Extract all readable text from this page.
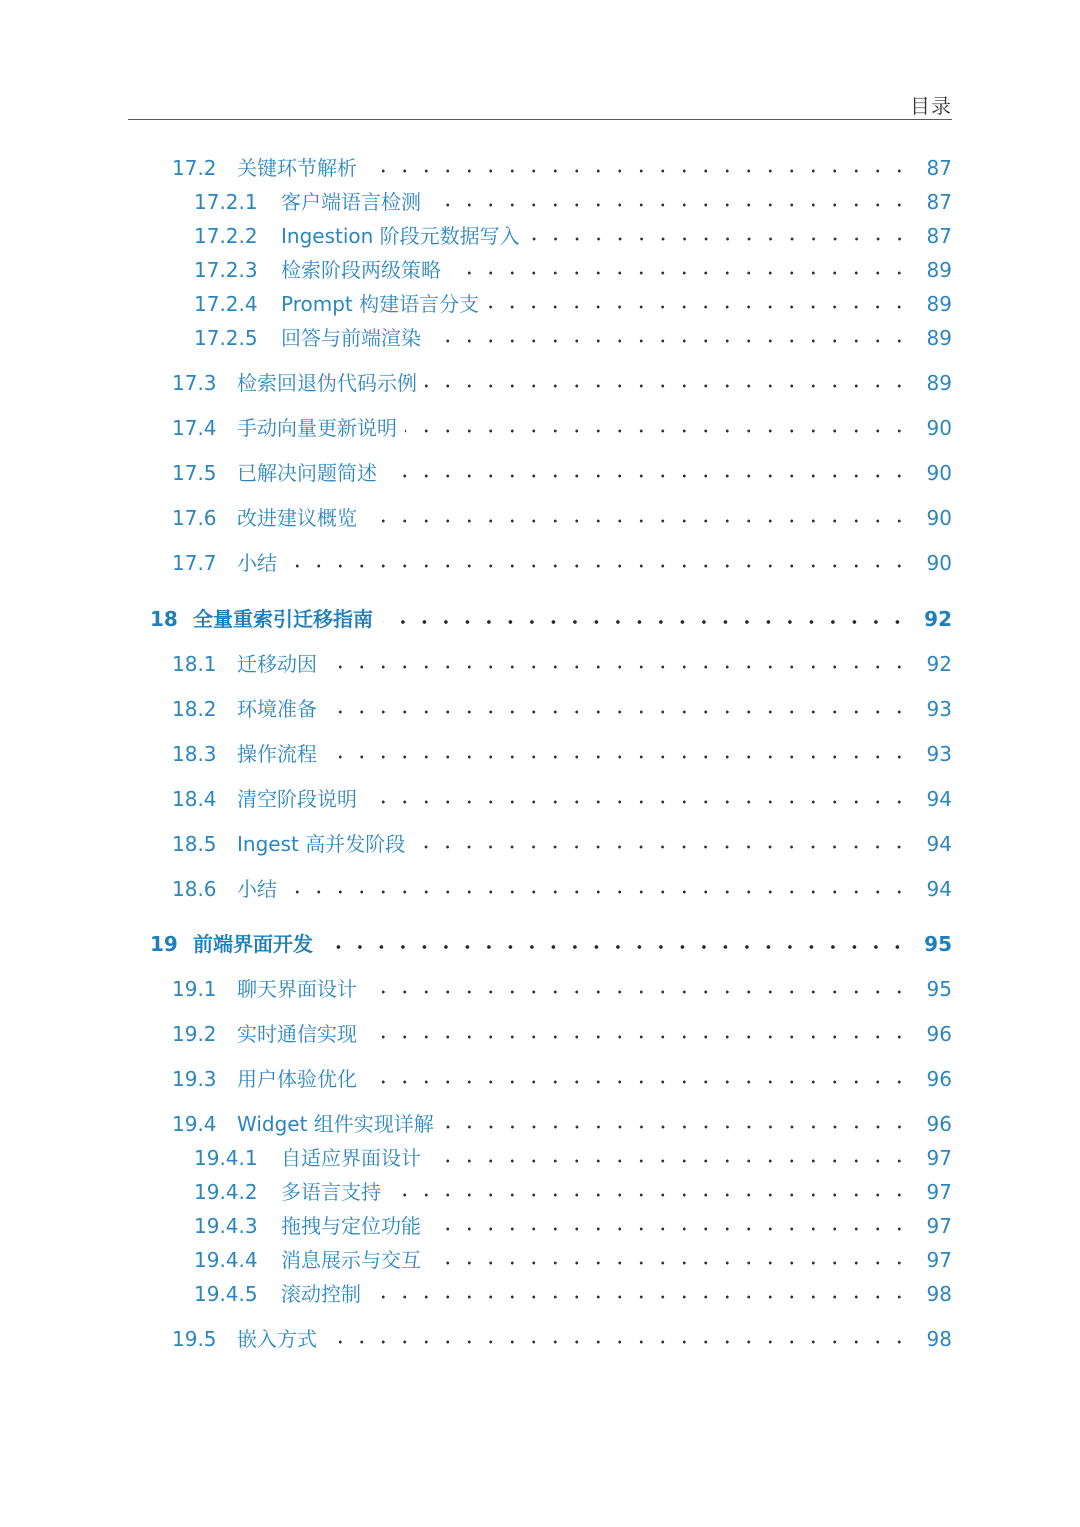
目录
17.2	关键环节解析	87
17.2.1	客户端语言检测	87
17.2.2	Ingestion 阶段元数据写入	87
17.2.3	检索阶段两级策略	89
17.2.4	Prompt 构建语言分支	89
17.2.5	回答与前端渲染	89
17.3	检索回退伪代码示例	89
17.4	手动向量更新说明	90
17.5	已解决问题简述	90
17.6	改进建议概览	90
17.7	小结	90
18 全量重索引迁移指南	92
18.1	迁移动因	92
18.2	环境准备	93
18.3	操作流程	93
18.4	清空阶段说明	94
18.5	Ingest 高并发阶段	94
18.6	小结	94
19 前端界面开发	95
19.1	聊天界面设计	95
19.2	实时通信实现	96
19.3	用户体验优化	96
19.4	Widget 组件实现详解	96
19.4.1	自适应界面设计	97
19.4.2	多语言支持	97
19.4.3	拖拽与定位功能	97
19.4.4	消息展示与交互	97
19.4.5	滚动控制	98
19.5	嵌入方式	98
